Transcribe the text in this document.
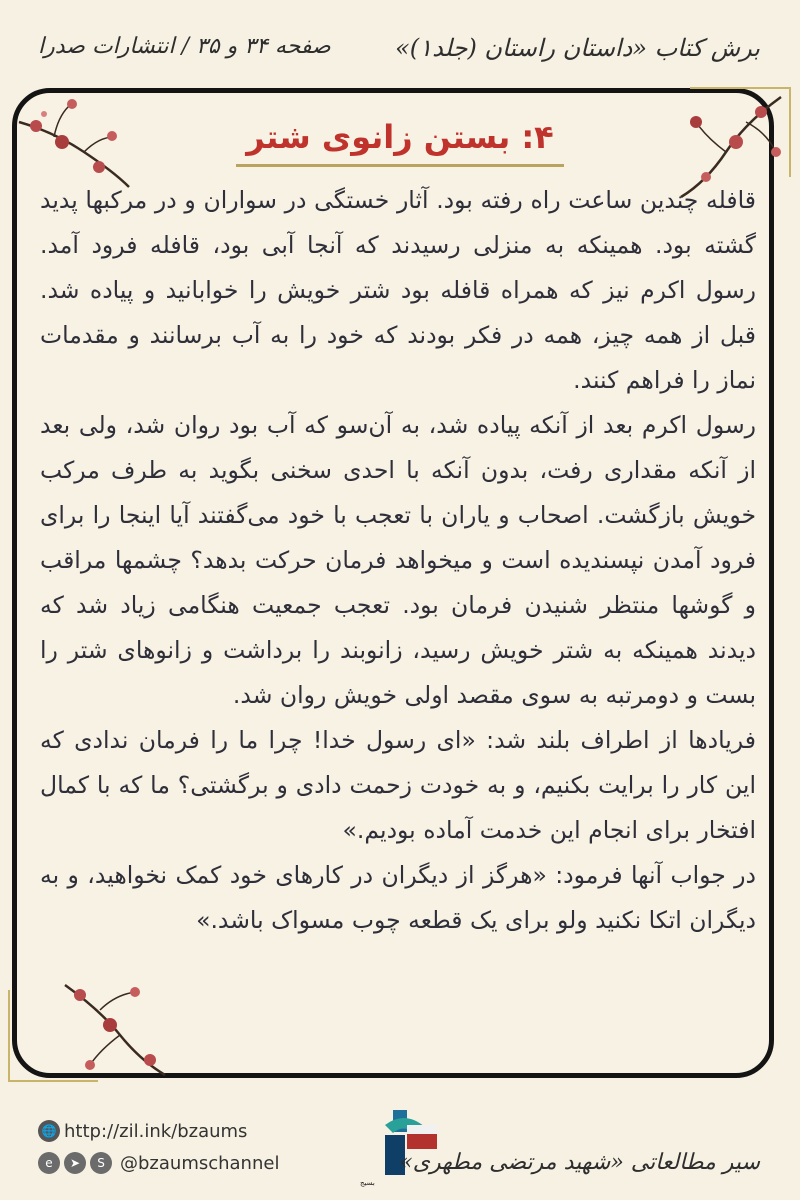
برش کتاب «داستان راستان (جلد۱)»
صفحه ۳۴ و ۳۵ / انتشارات صدرا
۴: بستن زانوی شتر

قافله چندین ساعت راه رفته بود. آثار خستگی در سواران و در مرکبها پدید گشته بود. همینکه به منزلی رسیدند که آنجا آبی بود، قافله فرود آمد. رسول اکرم نیز که همراه قافله بود شتر خویش را خوابانید و پیاده شد. قبل از همه چیز، همه در فکر بودند که خود را به آب برسانند و مقدمات نماز را فراهم کنند.

رسول اکرم بعد از آنکه پیاده شد، به آن‌سو که آب بود روان شد، ولی بعد از آنکه مقداری رفت، بدون آنکه با احدی سخنی بگوید به طرف مرکب خویش بازگشت. اصحاب و یاران با تعجب با خود می‌گفتند آیا اینجا را برای فرود آمدن نپسندیده است و میخواهد فرمان حرکت بدهد؟ چشمها مراقب و گوشها منتظر شنیدن فرمان بود. تعجب جمعیت هنگامی زیاد شد که دیدند همینکه به شتر خویش رسید، زانوبند را برداشت و زانوهای شتر را بست و دومرتبه به سوی مقصد اولی خویش روان شد.

فریادها از اطراف بلند شد: «ای رسول خدا! چرا ما را فرمان ندادی که این کار را برایت بکنیم، و به خودت زحمت دادی و برگشتی؟ ما که با کمال افتخار برای انجام این خدمت آماده بودیم.»

در جواب آنها فرمود: «هرگز از دیگران در کارهای خود کمک نخواهید، و به دیگران اتکا نکنید ولو برای یک قطعه چوب مسواک باشد.»

🌐 http://zil.ink/bzaums
e	➤	S @bzaumschannel
بسیج
سیر مطالعاتی «شهید مرتضی مطهری»
